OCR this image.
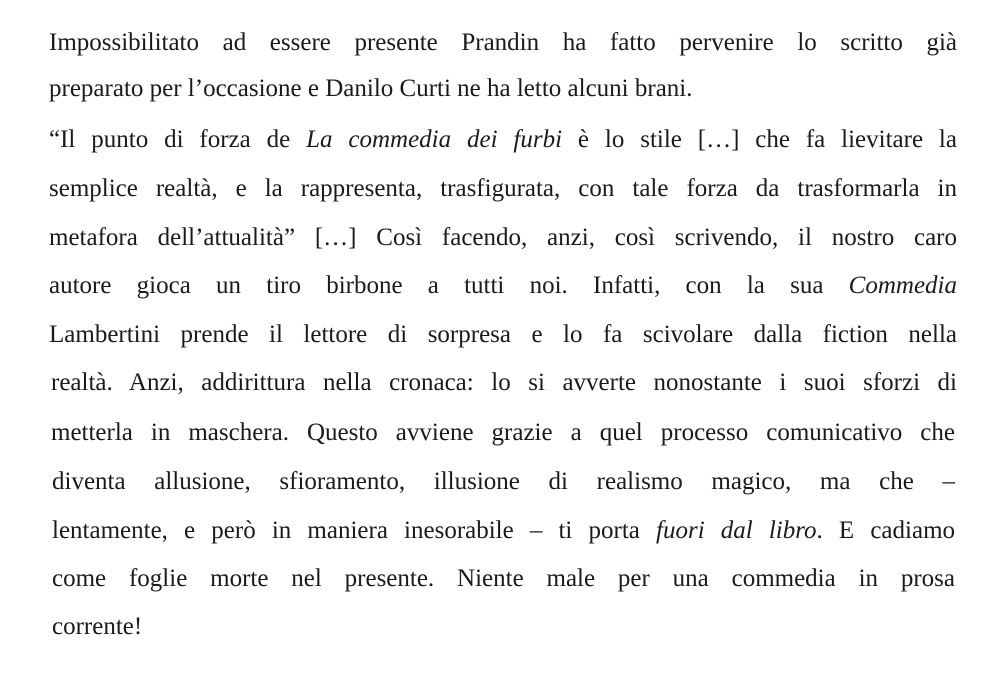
Impossibilitato ad essere presente Prandin ha fatto pervenire lo scritto già
preparato per l’occasione e Danilo Curti ne ha letto alcuni brani.
“Il punto di forza de La commedia dei furbi è lo stile […] che fa lievitare la
semplice realtà, e la rappresenta, trasfigurata, con tale forza da trasformarla in
metafora dell’attualità” […] Così facendo, anzi, così scrivendo, il nostro caro
autore gioca un tiro birbone a tutti noi. Infatti, con la sua Commedia
Lambertini prende il lettore di sorpresa e lo fa scivolare dalla fiction nella
realtà. Anzi, addirittura nella cronaca: lo si avverte nonostante i suoi sforzi di
metterla in maschera. Questo avviene grazie a quel processo comunicativo che
diventa allusione, sfioramento, illusione di realismo magico, ma che –
lentamente, e però in maniera inesorabile – ti porta fuori dal libro. E cadiamo
come foglie morte nel presente. Niente male per una commedia in prosa
corrente!
